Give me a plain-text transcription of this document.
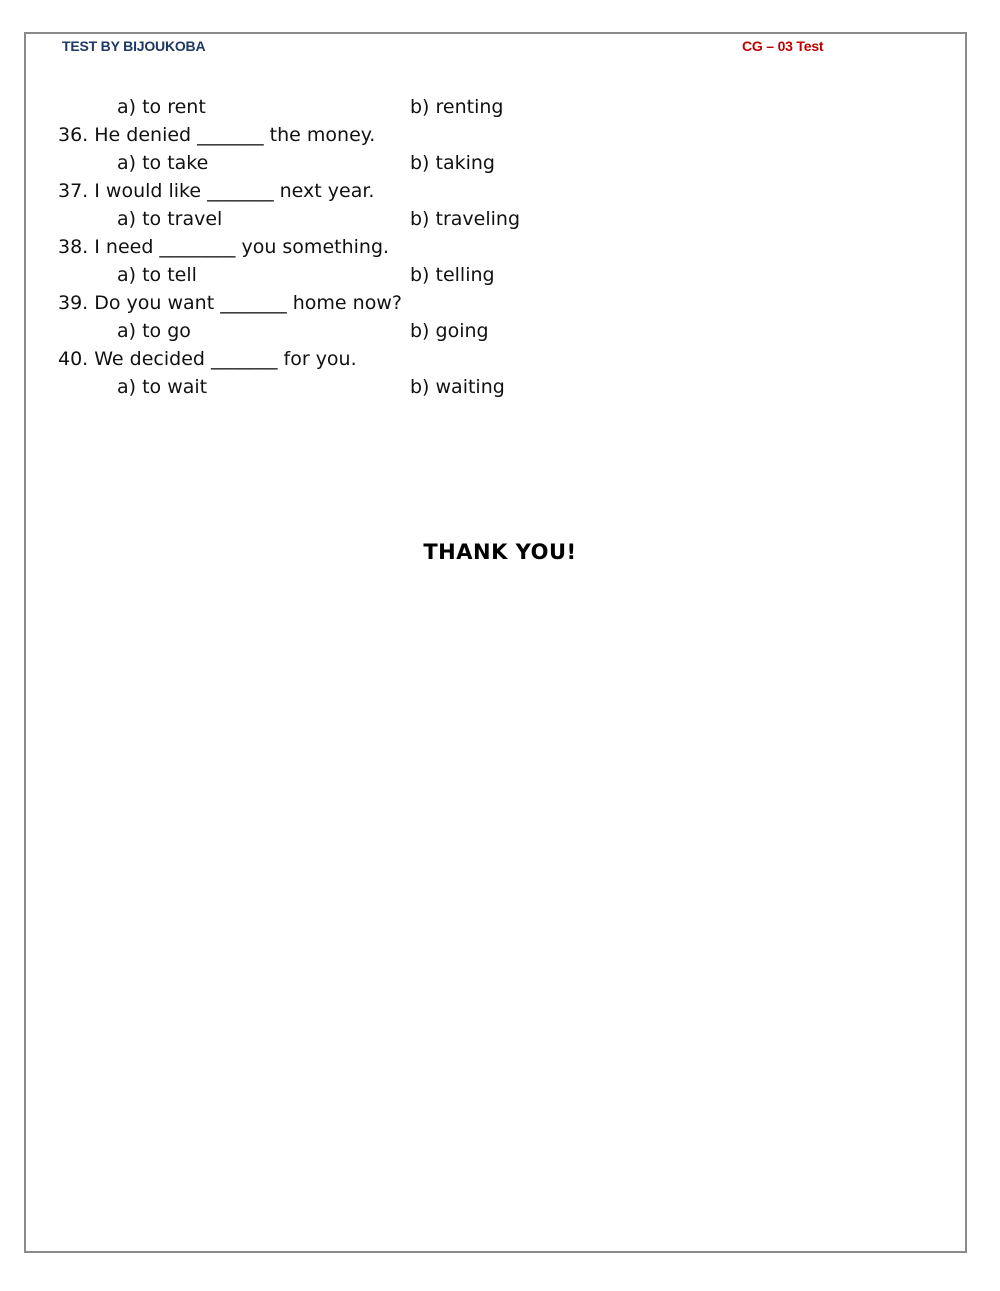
TEST BY BIJOUKOBA	CG – 03 Test
a) to rent	b) renting
36. He denied _______ the money.
a) to take	b) taking
37. I would like _______ next year.
a) to travel	b) traveling
38. I need ________ you something.
a) to tell	b) telling
39. Do you want _______ home now?
a) to go	b) going
40. We decided _______ for you.
a) to wait	b) waiting
THANK YOU!
